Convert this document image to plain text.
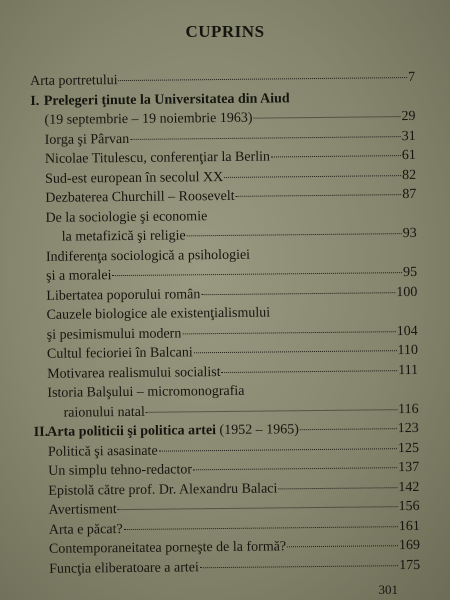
CUPRINS
Arta portretului	7
I. Prelegeri ţinute la Universitatea din Aiud
(19 septembrie – 19 noiembrie 1963)	29
Iorga şi Pârvan	31
Nicolae Titulescu, conferenţiar la Berlin	61
Sud-est european în secolul XX	82
Dezbaterea Churchill – Roosevelt	87
De la sociologie şi economie
la metafizică şi religie	93
Indiferenţa sociologică a psihologiei
şi a moralei	95
Libertatea poporului român	100
Cauzele biologice ale existenţialismului
şi pesimismului modern	104
Cultul fecioriei în Balcani	110
Motivarea realismului socialist	111
Istoria Balşului – micromonografia
raionului natal	116
II. Arta politicii şi politica artei (1952 – 1965)	123
Politică şi asasinate	125
Un simplu tehno-redactor	137
Epistolă către prof. Dr. Alexandru Balaci	142
Avertisment	156
Arta e păcat?	161
Contemporaneitatea porneşte de la formă?	169
Funcţia eliberatoare a artei	175
301
